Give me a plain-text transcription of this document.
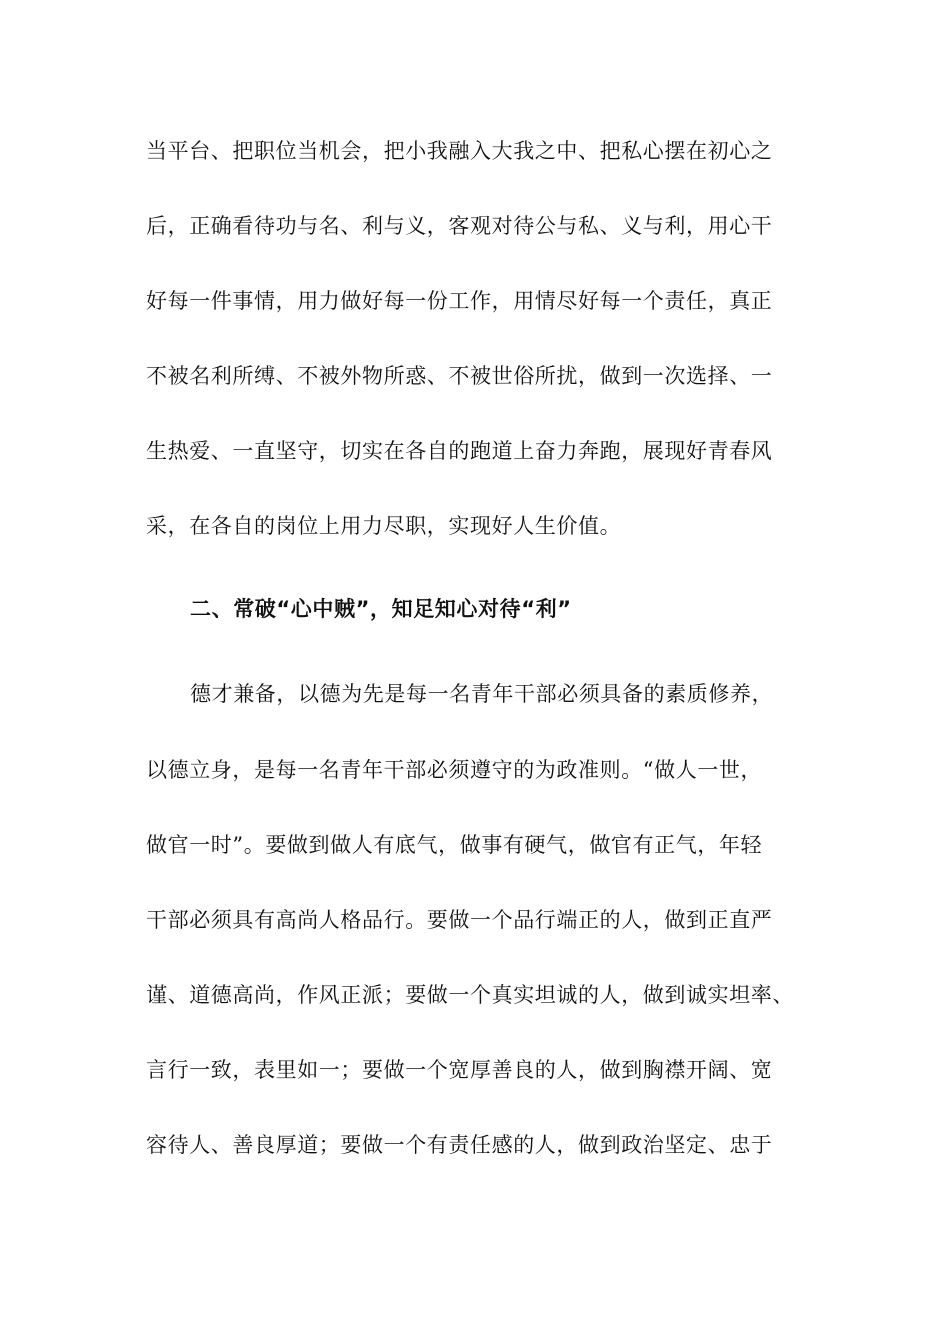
当平台、把职位当机会，把小我融入大我之中、把私心摆在初心之
后，正确看待功与名、利与义，客观对待公与私、义与利，用心干
好每一件事情，用力做好每一份工作，用情尽好每一个责任，真正
不被名利所缚、不被外物所惑、不被世俗所扰，做到一次选择、一
生热爱、一直坚守，切实在各自的跑道上奋力奔跑，展现好青春风
采，在各自的岗位上用力尽职，实现好人生价值。
二、常破“心中贼”，知足知心对待“利”
德才兼备，以德为先是每一名青年干部必须具备的素质修养，
以德立身，是每一名青年干部必须遵守的为政准则。“做人一世，
做官一时”。要做到做人有底气，做事有硬气，做官有正气，年轻
干部必须具有高尚人格品行。要做一个品行端正的人，做到正直严
谨、道德高尚，作风正派；要做一个真实坦诚的人，做到诚实坦率、
言行一致，表里如一；要做一个宽厚善良的人，做到胸襟开阔、宽
容待人、善良厚道；要做一个有责任感的人，做到政治坚定、忠于
